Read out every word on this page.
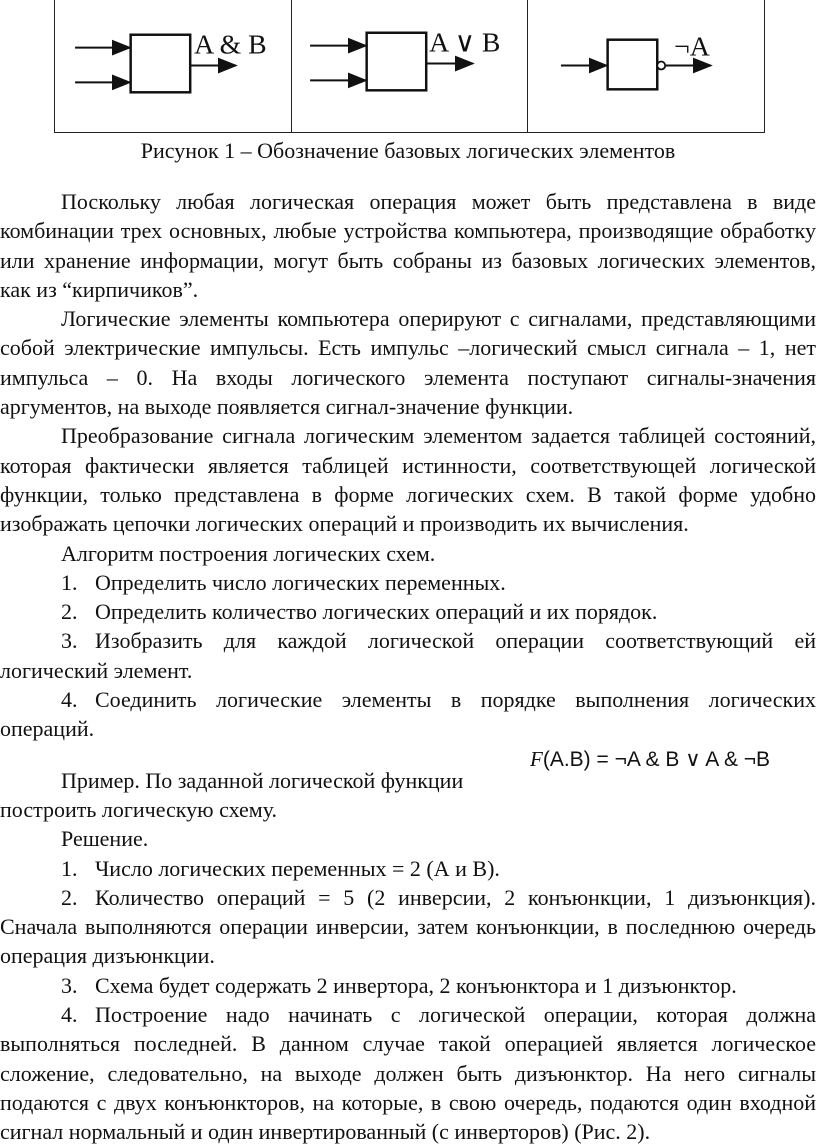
A & B	A ∨ B	¬A
Рисунок 1 – Обозначение базовых логических элементов

Поскольку любая логическая операция может быть представлена в виде комбинации трех основных, любые устройства компьютера, производящие обработку или хранение информации, могут быть собраны из базовых логических элементов, как из “кирпичиков”.

Логические элементы компьютера оперируют с сигналами, представляющими собой электрические импульсы. Есть импульс –логический смысл сигнала – 1, нет импульса – 0. На входы логического элемента поступают сигналы-значения аргументов, на выходе появляется сигнал-значение функции.

Преобразование сигнала логическим элементом задается таблицей состояний, которая фактически является таблицей истинности, соответствующей логической функции, только представлена в форме логических схем. В такой форме удобно изображать цепочки логических операций и производить их вычисления.

Алгоритм построения логических схем.

1. Определить число логических переменных.

2. Определить количество логических операций и их порядок.

3. Изобразить для каждой логической операции соответствующий ей логический элемент.

4. Соединить логические элементы в порядке выполнения логических операций.

Пример. По заданной логической функции

построить логическую схему.

Решение.

1. Число логических переменных = 2 (А и В).

2. Количество операций = 5 (2 инверсии, 2 конъюнкции, 1 дизъюнкция). Сначала выполняются операции инверсии, затем конъюнкции, в последнюю очередь операция дизъюнкции.

3. Схема будет содержать 2 инвертора, 2 конъюнктора и 1 дизъюнктор.

4. Построение надо начинать с логической операции, которая должна выполняться последней. В данном случае такой операцией является логическое сложение, следовательно, на выходе должен быть дизъюнктор. На него сигналы подаются с двух конъюнкторов, на которые, в свою очередь, подаются один входной сигнал нормальный и один инвертированный (с инверторов) (Рис. 2).

F(A.B) = ¬A & B ∨ A & ¬B
